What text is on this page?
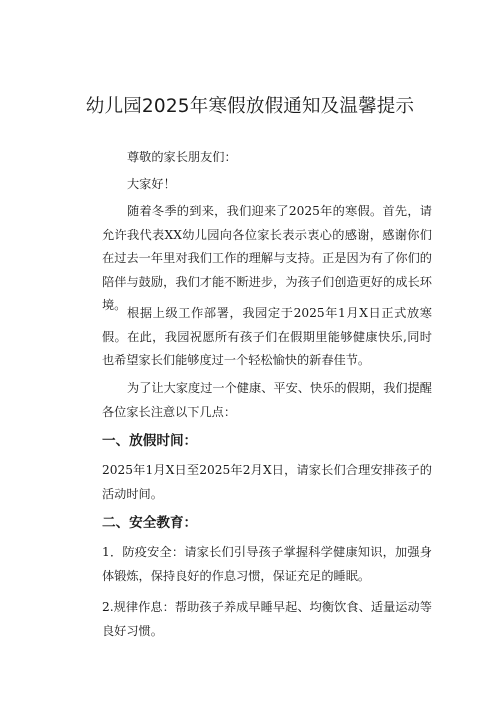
幼儿园2025年寒假放假通知及温馨提示

尊敬的家长朋友们：

大家好！

随着冬季的到来，我们迎来了2025年的寒假。首先，请允许我代表XX幼儿园向各位家长表示衷心的感谢，感谢你们在过去一年里对我们工作的理解与支持。正是因为有了你们的陪伴与鼓励，我们才能不断进步，为孩子们创造更好的成长环境。

根据上级工作部署，我园定于2025年1月X日正式放寒假。在此，我园祝愿所有孩子们在假期里能够健康快乐,同时也希望家长们能够度过一个轻松愉快的新春佳节。

为了让大家度过一个健康、平安、快乐的假期，我们提醒各位家长注意以下几点：

一、放假时间：

2025年1月X日至2025年2月X日，请家长们合理安排孩子的活动时间。

二、安全教育：

1．防疫安全：请家长们引导孩子掌握科学健康知识，加强身体锻炼，保持良好的作息习惯，保证充足的睡眠。

2.规律作息：帮助孩子养成早睡早起、均衡饮食、适量运动等良好习惯。
